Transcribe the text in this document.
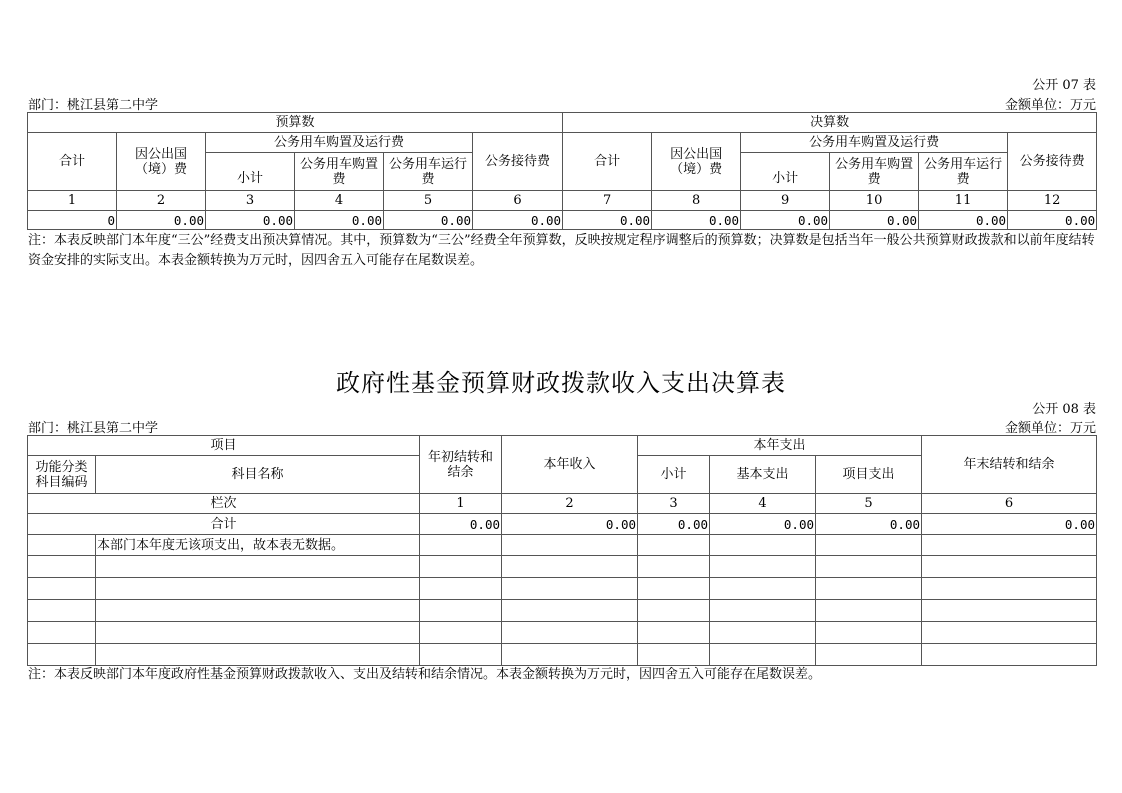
公开 07 表
部门：桃江县第二中学	金额单位：万元
预算数						决算数					
合计	因公出国（境）费	公务用车购置及运行费			公务接待费	合计	因公出国（境）费	公务用车购置及运行费			公务接待费
		小计	公务用车购置费	公务用车运行费				小计	公务用车购置费	公务用车运行费	
1	2	3	4	5	6	7	8	9	10	11	12
0	0.00	0.00	0.00	0.00	0.00	0.00	0.00	0.00	0.00	0.00	0.00
注：本表反映部门本年度“三公”经费支出预决算情况。其中，预算数为“三公”经费全年预算数，反映按规定程序调整后的预算数；决算数是包括当年一般公共预算财政拨款和以前年度结转资金安排的实际支出。本表金额转换为万元时，因四舍五入可能存在尾数误差。
政府性基金预算财政拨款收入支出决算表
公开 08 表
部门：桃江县第二中学	金额单位：万元
项目		年初结转和结余	本年收入	本年支出			年末结转和结余
功能分类科目编码	科目名称			小计	基本支出	项目支出	
栏次		1	2	3	4	5	6
合计		0.00	0.00	0.00	0.00	0.00	0.00
	本部门本年度无该项支出，故本表无数据。						

注：本表反映部门本年度政府性基金预算财政拨款收入、支出及结转和结余情况。本表金额转换为万元时，因四舍五入可能存在尾数误差。
